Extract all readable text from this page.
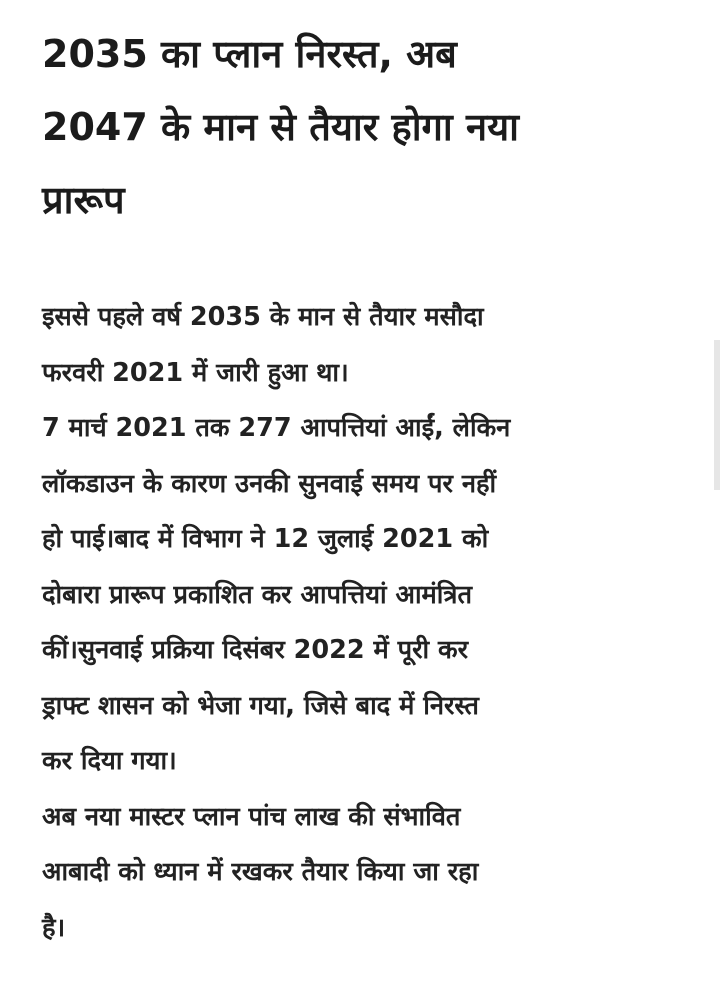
2035 का प्लान निरस्त, अब
2047 के मान से तैयार होगा नया
प्रारूप
इससे पहले वर्ष 2035 के मान से तैयार मसौदा
फरवरी 2021 में जारी हुआ था।
7 मार्च 2021 तक 277 आपत्तियां आईं, लेकिन
लॉकडाउन के कारण उनकी सुनवाई समय पर नहीं
हो पाई।बाद में विभाग ने 12 जुलाई 2021 को
दोबारा प्रारूप प्रकाशित कर आपत्तियां आमंत्रित
कीं।सुनवाई प्रक्रिया दिसंबर 2022 में पूरी कर
ड्राफ्ट शासन को भेजा गया, जिसे बाद में निरस्त
कर दिया गया।
अब नया मास्टर प्लान पांच लाख की संभावित
आबादी को ध्यान में रखकर तैयार किया जा रहा
है।
